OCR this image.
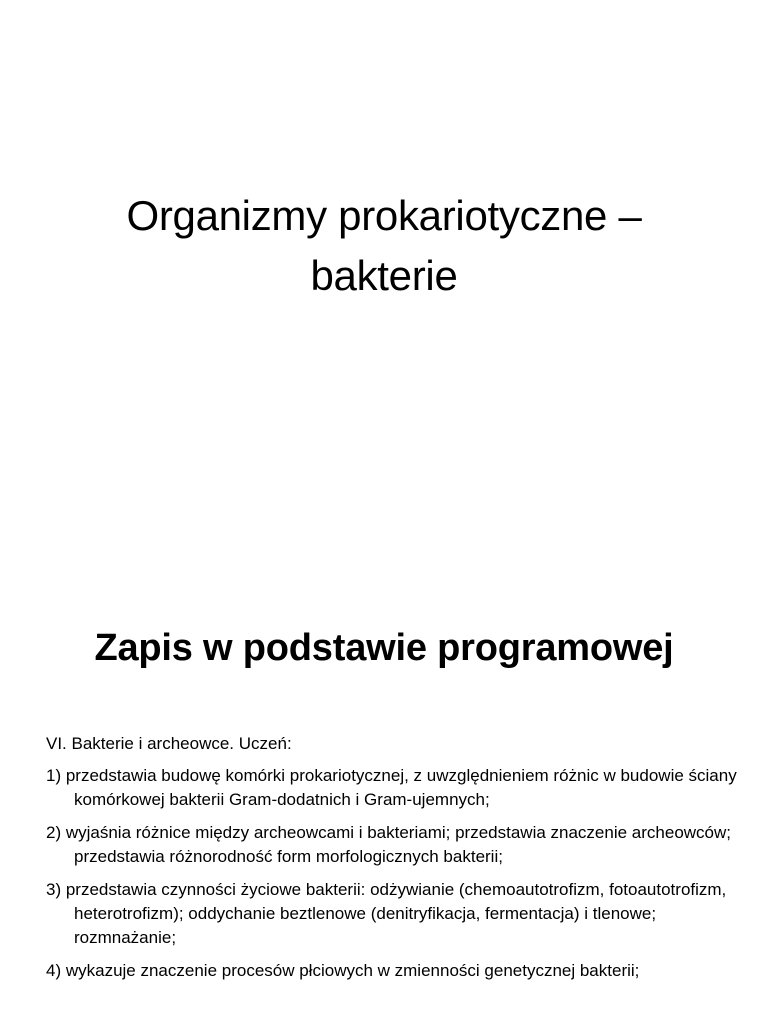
Organizmy prokariotyczne –
bakterie
Zapis w podstawie programowej
VI. Bakterie i archeowce. Uczeń:
1) przedstawia budowę komórki prokariotycznej, z uwzględnieniem różnic w budowie ściany komórkowej bakterii Gram-dodatnich i Gram-ujemnych;
2) wyjaśnia różnice między archeowcami i bakteriami; przedstawia znaczenie archeowców; przedstawia różnorodność form morfologicznych bakterii;
3) przedstawia czynności życiowe bakterii: odżywianie (chemoautotrofizm, fotoautotrofizm, heterotrofizm); oddychanie beztlenowe (denitryfikacja, fermentacja) i tlenowe; rozmnażanie;
4) wykazuje znaczenie procesów płciowych w zmienności genetycznej bakterii;
